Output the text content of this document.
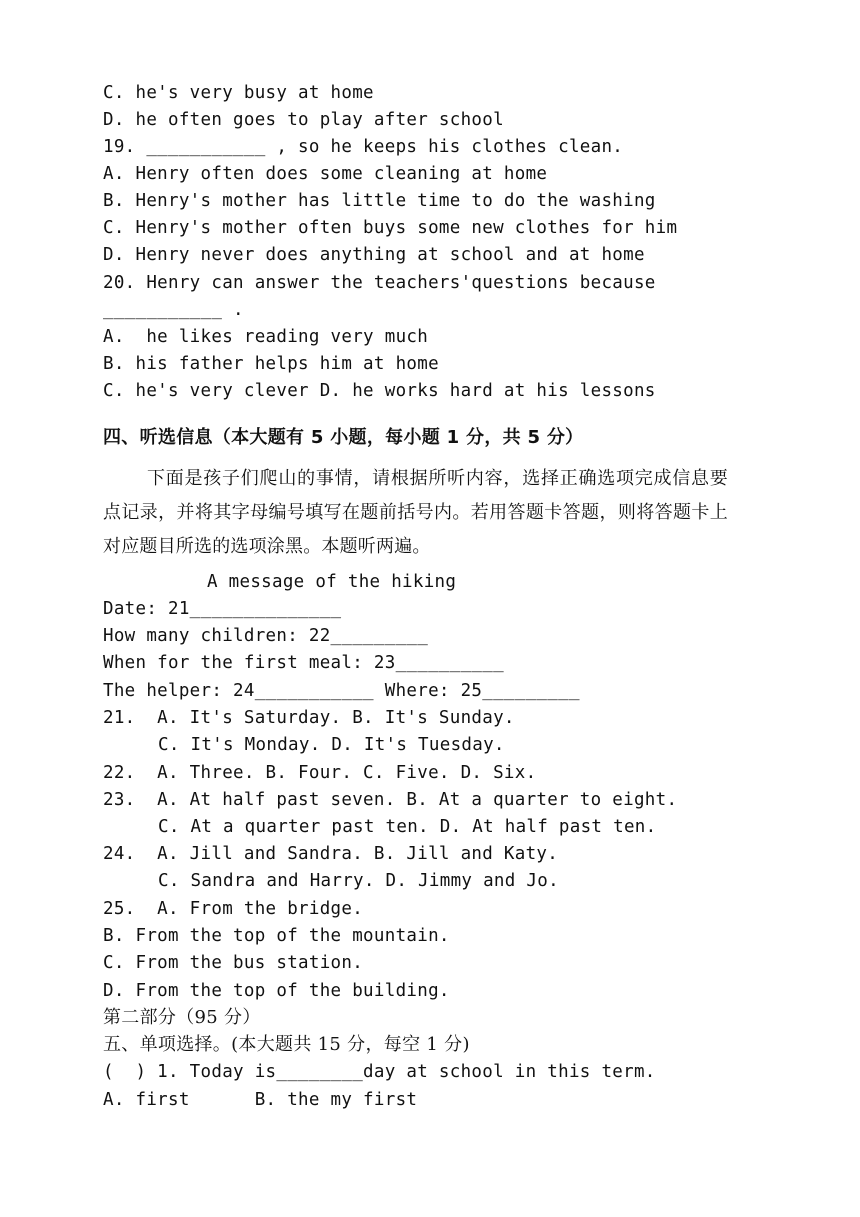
C. he's very busy at home
D. he often goes to play after school
19. ___________ , so he keeps his clothes clean.
A. Henry often does some cleaning at home
B. Henry's mother has little time to do the washing
C. Henry's mother often buys some new clothes for him
D. Henry never does anything at school and at home
20. Henry can answer the teachers'questions because
___________ .
A.  he likes reading very much
B. his father helps him at home
C. he's very clever D. he works hard at his lessons
四、听选信息（本大题有 5 小题，每小题 1 分，共 5 分）
下面是孩子们爬山的事情，请根据所听内容，选择正确选项完成信息要点记录，并将其字母编号填写在题前括号内。若用答题卡答题，则将答题卡上对应题目所选的选项涂黑。本题听两遍。
A message of the hiking
Date: 21______________
How many children: 22_________
When for the first meal: 23__________
The helper: 24___________ Where: 25_________
21.  A. It's Saturday. B. It's Sunday.
C. It's Monday. D. It's Tuesday.
22.  A. Three. B. Four. C. Five. D. Six.
23.  A. At half past seven. B. At a quarter to eight.
C. At a quarter past ten. D. At half past ten.
24.  A. Jill and Sandra. B. Jill and Katy.
C. Sandra and Harry. D. Jimmy and Jo.
25.  A. From the bridge.
B. From the top of the mountain.
C. From the bus station.
D. From the top of the building.
第二部分（95 分）
五、单项选择。(本大题共 15 分，每空 1 分)
(  ) 1. Today is________day at school in this term.
A. first      B. the my first
